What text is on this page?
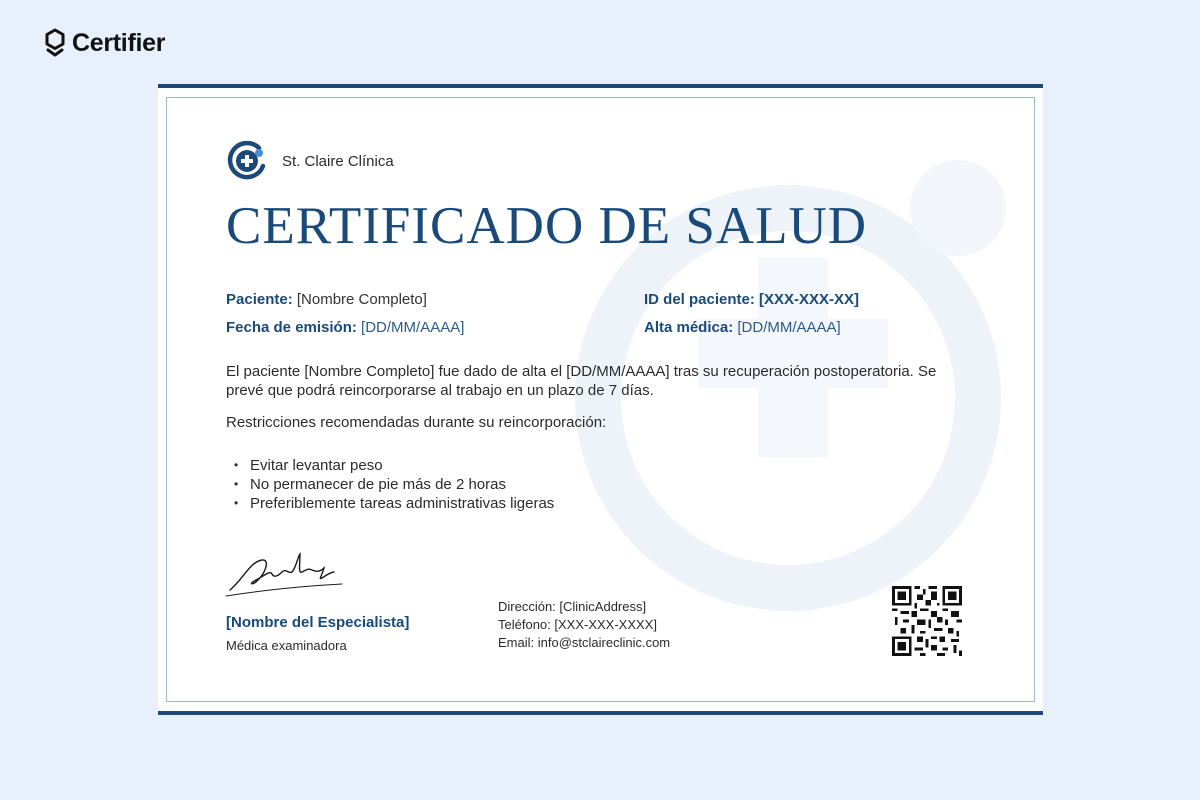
Certifier
St. Claire Clínica
CERTIFICADO DE SALUD
Paciente: [Nombre Completo]	ID del paciente: [XXX-XXX-XX]
Fecha de emisión: [DD/MM/AAAA]	Alta médica: [DD/MM/AAAA]

El paciente [Nombre Completo] fue dado de alta el [DD/MM/AAAA] tras su recuperación postoperatoria. Se prevé que podrá reincorporarse al trabajo en un plazo de 7 días.

Restricciones recomendadas durante su reincorporación:

• Evitar levantar peso
• No permanecer de pie más de 2 horas
• Preferiblemente tareas administrativas ligeras
[Nombre del Especialista]
Médica examinadora
Dirección: [ClinicAddress]
Teléfono: [XXX-XXX-XXXX]
Email: info@stclaireclinic.com
